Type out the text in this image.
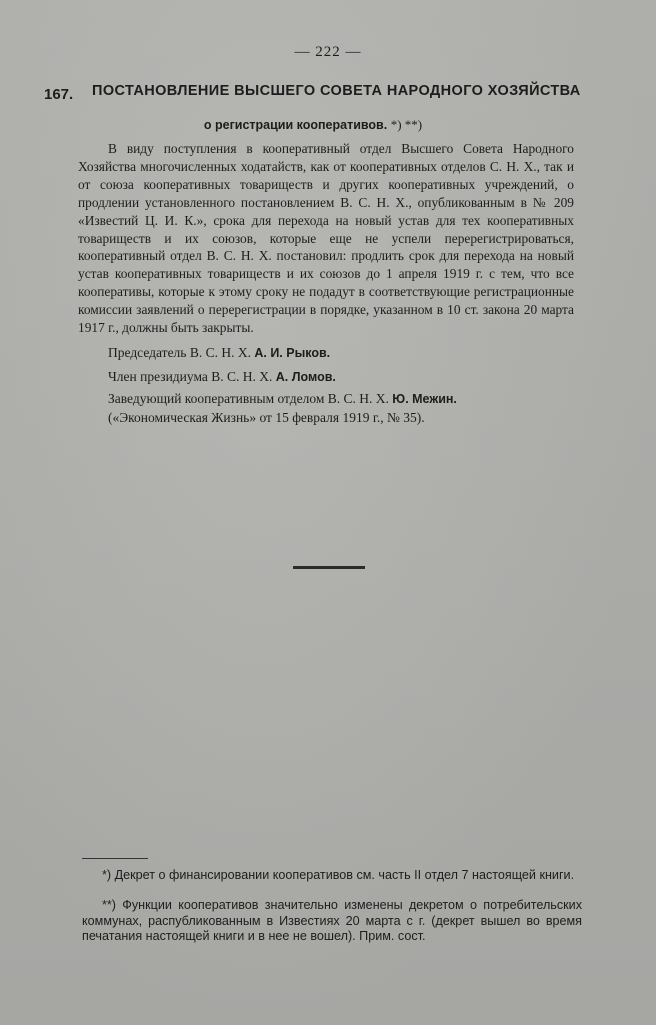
— 222 —
167. ПОСТАНОВЛЕНИЕ ВЫСШЕГО СОВЕТА НАРОДНОГО ХОЗЯЙСТВА
о регистрации кооперативов. *) **)

В виду поступления в кооперативный отдел Высшего Совета Народного Хозяйства многочисленных ходатайств, как от кооперативных отделов С. Н. Х., так и от союза кооперативных товариществ и других кооперативных учреждений, о продлении установленного постановлением В. С. Н. Х., опубликованным в № 209 «Известий Ц. И. К.», срока для перехода на новый устав для тех кооперативных товариществ и их союзов, которые еще не успели перерегистрироваться, кооперативный отдел В. С. Н. Х. постановил: продлить срок для перехода на новый устав кооперативных товариществ и их союзов до 1 апреля 1919 г. с тем, что все кооперативы, которые к этому сроку не подадут в соответствующие регистрационные комиссии заявлений о перерегистрации в порядке, указанном в 10 ст. закона 20 марта 1917 г., должны быть закрыты.

Председатель В. С. Н. Х. А. И. Рыков.
Член президиума В. С. Н. Х. А. Ломов.
Заведующий кооперативным отделом В. С. Н. Х. Ю. Межин.
(«Экономическая Жизнь» от 15 февраля 1919 г., № 35).

*) Декрет о финансировании кооперативов см. часть II отдел 7 настоящей книги.

**) Функции кооперативов значительно изменены декретом о потребительских коммунах, распубликованным в Известиях 20 марта с г. (декрет вышел во время печатания настоящей книги и в нее не вошел). Прим. сост.
